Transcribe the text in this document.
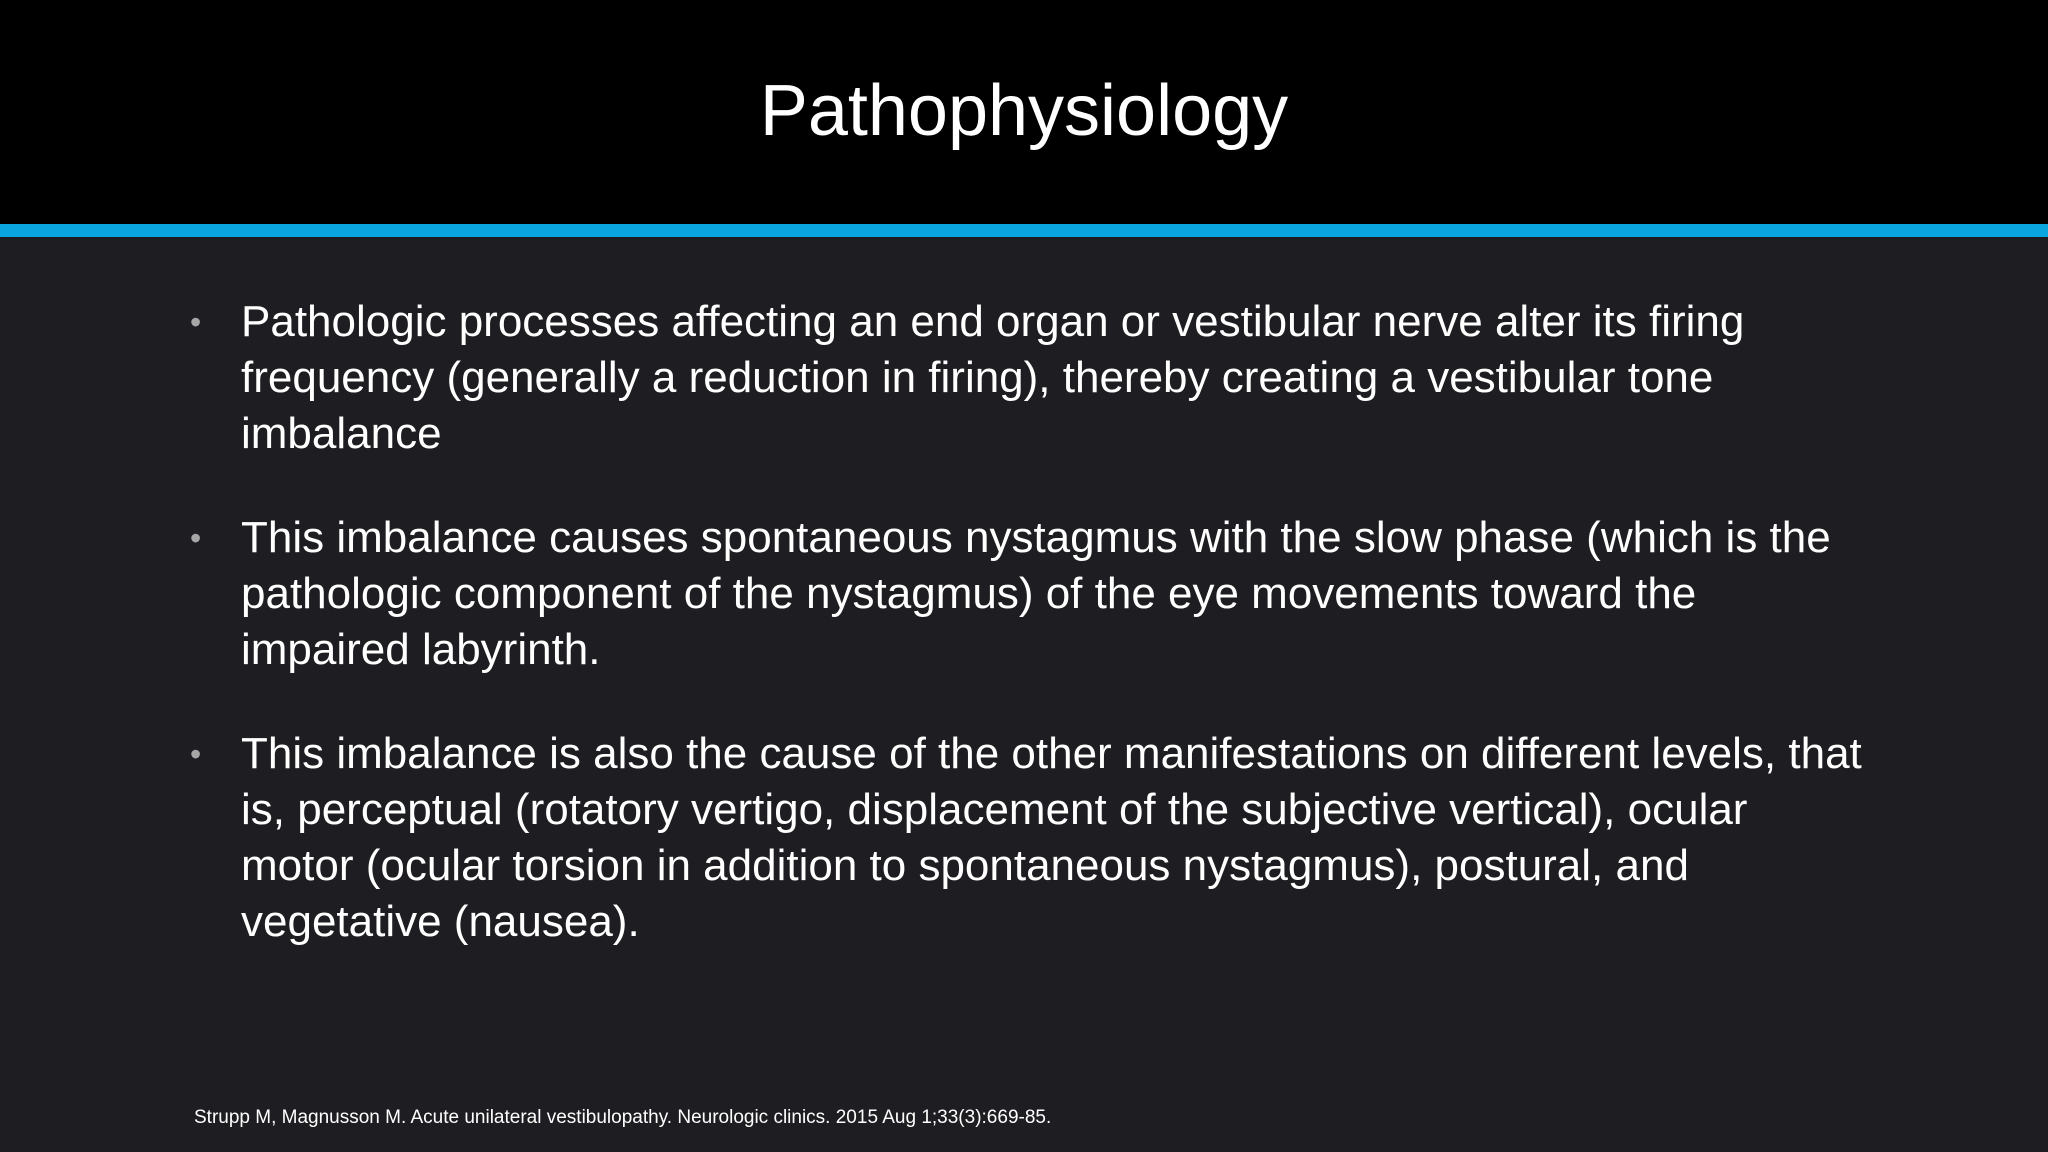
Pathophysiology
• Pathologic processes affecting an end organ or vestibular nerve alter its firing frequency (generally a reduction in firing), thereby creating a vestibular tone imbalance
• This imbalance causes spontaneous nystagmus with the slow phase (which is the pathologic component of the nystagmus) of the eye movements toward the impaired labyrinth.
• This imbalance is also the cause of the other manifestations on different levels, that is, perceptual (rotatory vertigo, displacement of the subjective vertical), ocular motor (ocular torsion in addition to spontaneous nystagmus), postural, and vegetative (nausea).

Strupp M, Magnusson M. Acute unilateral vestibulopathy. Neurologic clinics. 2015 Aug 1;33(3):669-85.
